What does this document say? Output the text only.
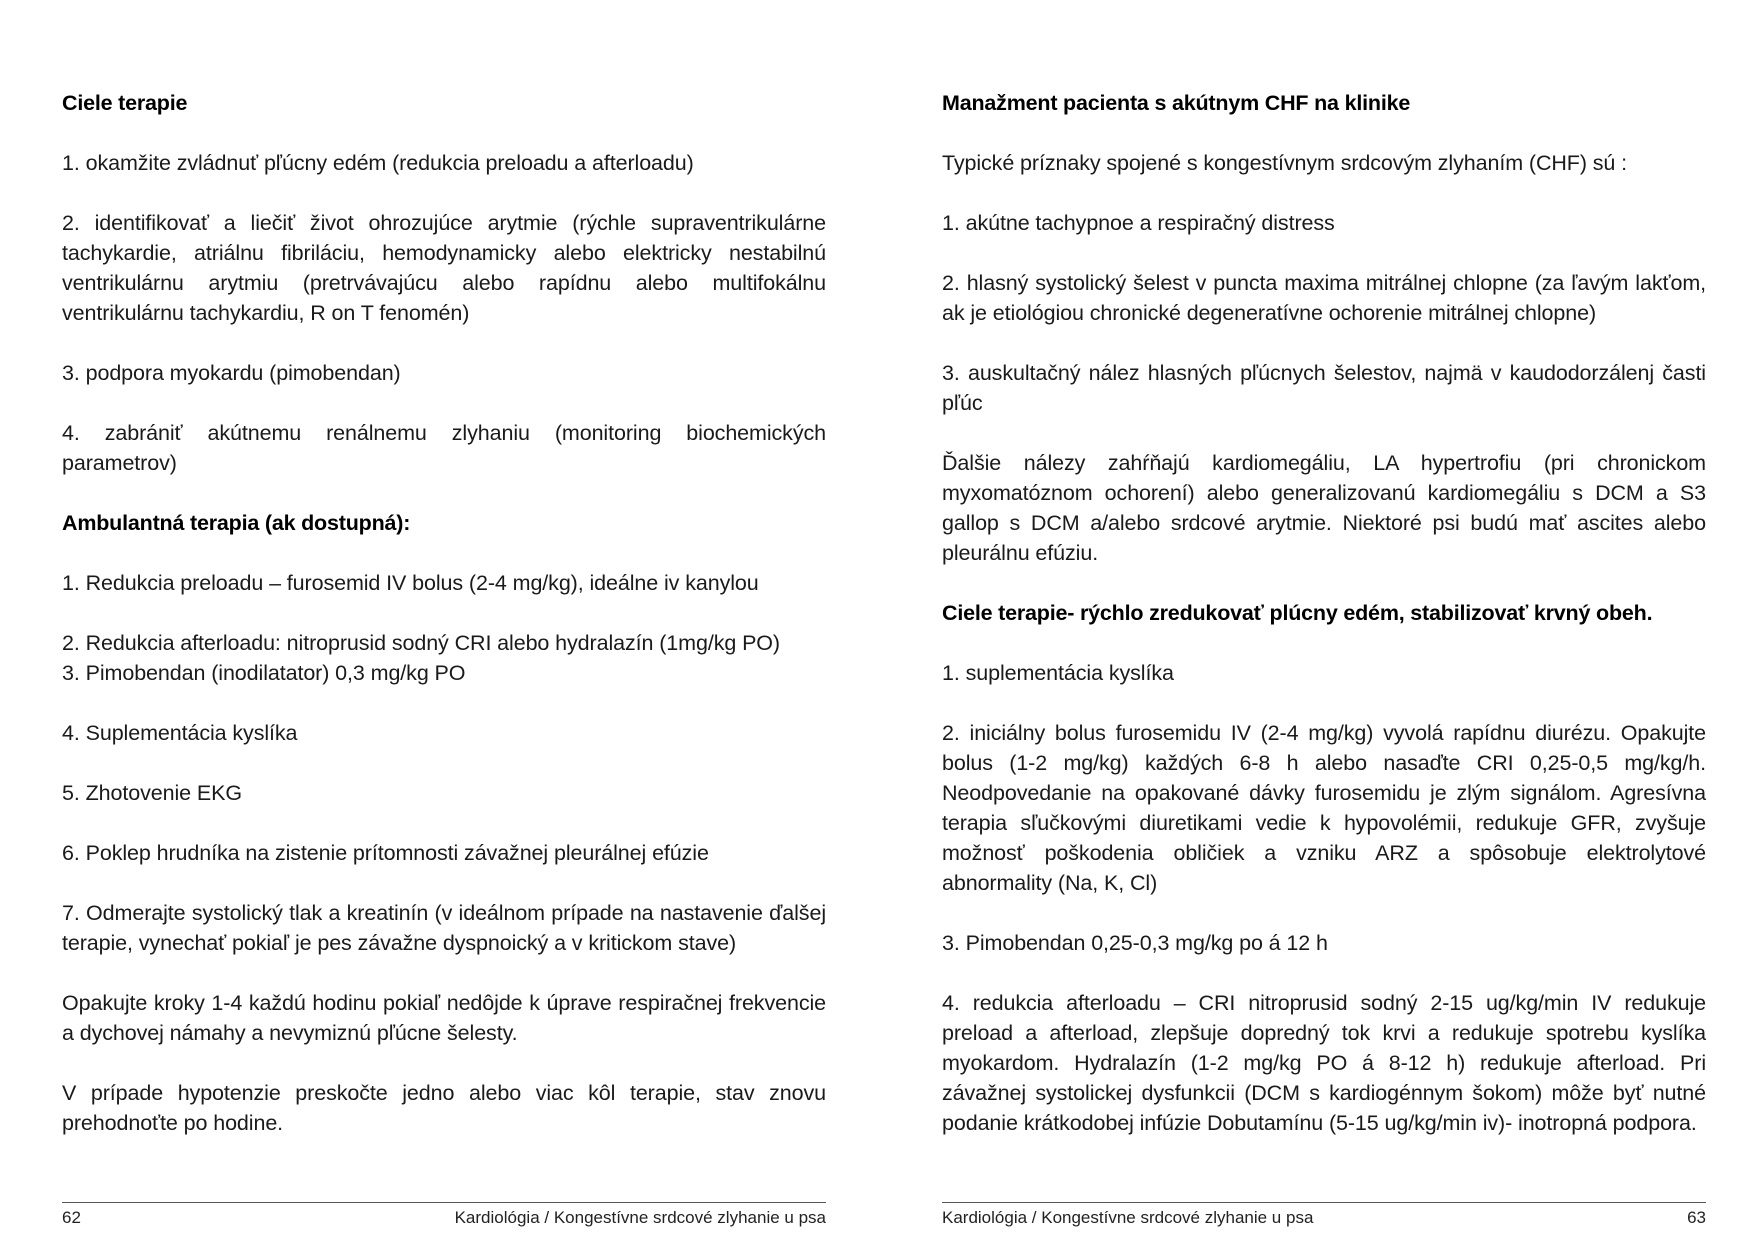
Ciele terapie

1. okamžite zvládnuť pľúcny edém (redukcia preloadu a afterloadu)

2. identifikovať a liečiť život ohrozujúce arytmie (rýchle supraventrikulárne tachykardie, atriálnu fibriláciu, hemodynamicky alebo elektricky nestabilnú ventrikulárnu arytmiu (pretrvávajúcu alebo rapídnu alebo multifokálnu ventrikulárnu tachykardiu, R on T fenomén)

3. podpora myokardu (pimobendan)

4. zabrániť akútnemu renálnemu zlyhaniu (monitoring biochemických parametrov)

Ambulantná terapia (ak dostupná):

1. Redukcia preloadu – furosemid IV bolus (2-4 mg/kg), ideálne iv kanylou

2. Redukcia afterloadu: nitroprusid sodný CRI alebo hydralazín (1mg/kg PO)

3. Pimobendan (inodilatator) 0,3 mg/kg PO

4. Suplementácia kyslíka

5. Zhotovenie EKG

6. Poklep hrudníka na zistenie prítomnosti závažnej pleurálnej efúzie

7. Odmerajte systolický tlak a kreatinín (v ideálnom prípade na nastavenie ďalšej terapie, vynechať pokiaľ je pes závažne dyspnoický a v kritickom stave)

Opakujte kroky 1-4 každú hodinu pokiaľ nedôjde k úprave respiračnej frekvencie a dychovej námahy a nevymiznú pľúcne šelesty.

V prípade hypotenzie preskočte jedno alebo viac kôl terapie, stav znovu prehodnoťte po hodine.

62	Kardiológia / Kongestívne srdcové zlyhanie u psa
Manažment pacienta s akútnym CHF na klinike

Typické príznaky spojené s kongestívnym srdcovým zlyhaním (CHF) sú :

1. akútne tachypnoe a respiračný distress

2. hlasný systolický šelest v puncta maxima mitrálnej chlopne (za ľavým lakťom, ak je etiológiou chronické degeneratívne ochorenie mitrálnej chlopne)

3. auskultačný nález hlasných pľúcnych šelestov, najmä v kaudodorzálenj časti pľúc

Ďalšie nálezy zahŕňajú kardiomegáliu, LA hypertrofiu (pri chronickom myxomatóznom ochorení) alebo generalizovanú kardiomegáliu s DCM a S3 gallop s DCM a/alebo srdcové arytmie. Niektoré psi budú mať ascites alebo pleurálnu efúziu.

Ciele terapie- rýchlo zredukovať plúcny edém, stabilizovať krvný obeh.

1. suplementácia kyslíka

2. iniciálny bolus furosemidu IV (2-4 mg/kg) vyvolá rapídnu diurézu. Opakujte bolus (1-2 mg/kg) každých 6-8 h alebo nasaďte CRI 0,25-0,5 mg/kg/h. Neodpovedanie na opakované dávky furosemidu je zlým signálom. Agresívna terapia sľučkovými diuretikami vedie k hypovolémii, redukuje GFR, zvyšuje možnosť poškodenia obličiek a vzniku ARZ a spôsobuje elektrolytové abnormality (Na, K, Cl)

3. Pimobendan 0,25-0,3 mg/kg po á 12 h

4. redukcia afterloadu – CRI nitroprusid sodný 2-15 ug/kg/min IV redukuje preload a afterload, zlepšuje dopredný tok krvi a redukuje spotrebu kyslíka myokardom. Hydralazín (1-2 mg/kg PO á 8-12 h) redukuje afterload. Pri závažnej systolickej dysfunkcii (DCM s kardiogénnym šokom) môže byť nutné podanie krátkodobej infúzie Dobutamínu (5-15 ug/kg/min iv)- inotropná podpora.

Kardiológia / Kongestívne srdcové zlyhanie u psa	63
